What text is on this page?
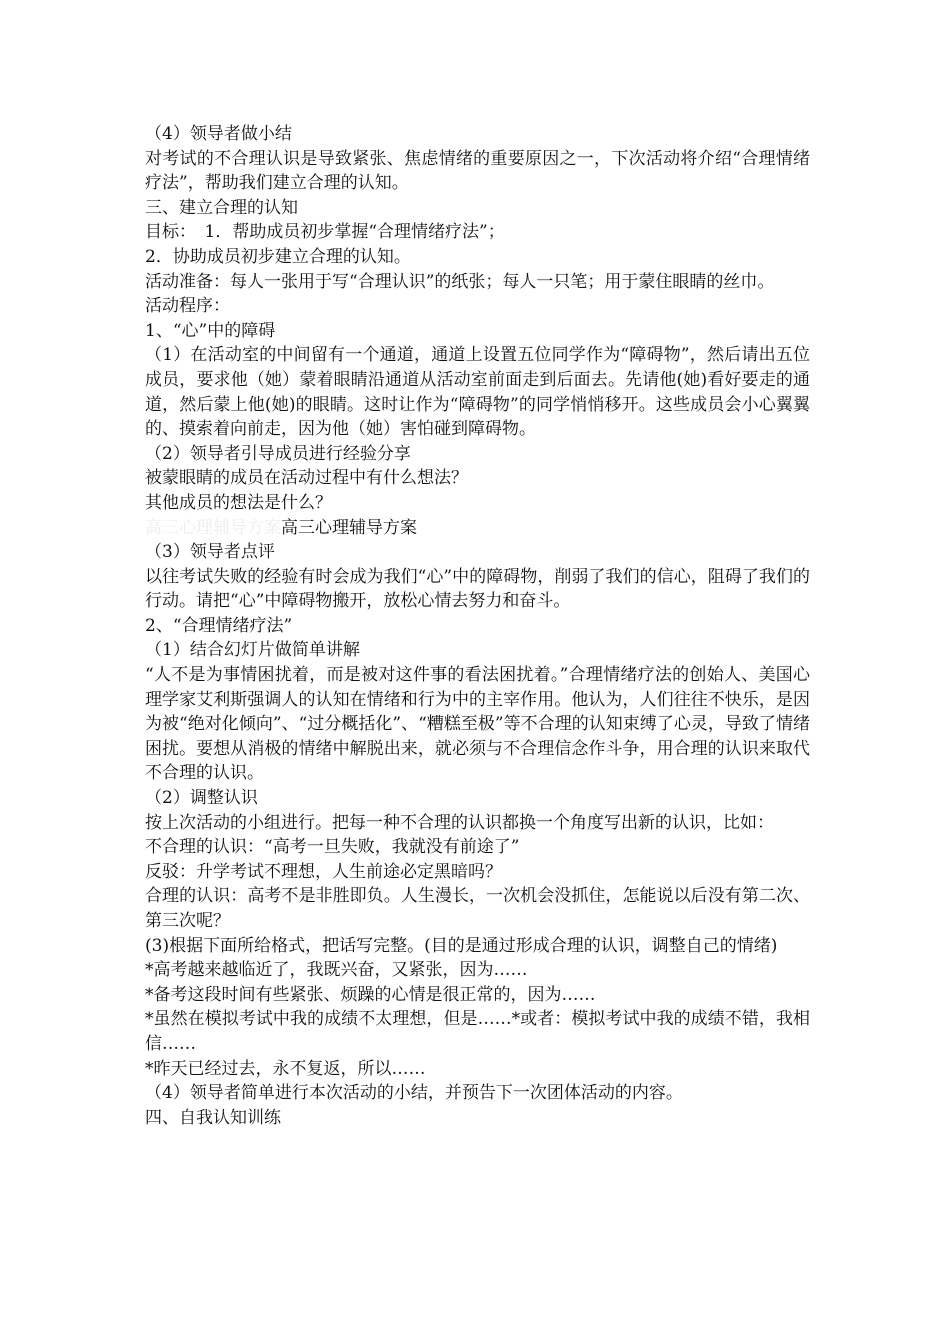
（4）领导者做小结

对考试的不合理认识是导致紧张、焦虑情绪的重要原因之一，下次活动将介绍“合理情绪疗法”，帮助我们建立合理的认知。

三、建立合理的认知

目标：　1．帮助成员初步掌握“合理情绪疗法”；

2．协助成员初步建立合理的认知。

活动准备：每人一张用于写“合理认识”的纸张；每人一只笔；用于蒙住眼睛的丝巾。

活动程序：

1、“心”中的障碍

（1）在活动室的中间留有一个通道，通道上设置五位同学作为“障碍物”，然后请出五位成员，要求他（她）蒙着眼睛沿通道从活动室前面走到后面去。先请他(她)看好要走的通道，然后蒙上他(她)的眼睛。这时让作为“障碍物”的同学悄悄移开。这些成员会小心翼翼的、摸索着向前走，因为他（她）害怕碰到障碍物。

（2）领导者引导成员进行经验分享

被蒙眼睛的成员在活动过程中有什么想法？

其他成员的想法是什么？

高三心理辅导方案高三心理辅导方案

（3）领导者点评

以往考试失败的经验有时会成为我们“心”中的障碍物，削弱了我们的信心，阻碍了我们的行动。请把“心”中障碍物搬开，放松心情去努力和奋斗。

2、“合理情绪疗法”

（1）结合幻灯片做简单讲解

“人不是为事情困扰着，而是被对这件事的看法困扰着。”合理情绪疗法的创始人、美国心理学家艾利斯强调人的认知在情绪和行为中的主宰作用。他认为，人们往往不快乐，是因为被“绝对化倾向”、“过分概括化”、“糟糕至极”等不合理的认知束缚了心灵，导致了情绪困扰。要想从消极的情绪中解脱出来，就必须与不合理信念作斗争，用合理的认识来取代不合理的认识。

（2）调整认识

按上次活动的小组进行。把每一种不合理的认识都换一个角度写出新的认识，比如：

不合理的认识：“高考一旦失败，我就没有前途了”

反驳：升学考试不理想，人生前途必定黑暗吗？

合理的认识：高考不是非胜即负。人生漫长，一次机会没抓住，怎能说以后没有第二次、第三次呢？

(3)根据下面所给格式，把话写完整。(目的是通过形成合理的认识，调整自己的情绪)

*高考越来越临近了，我既兴奋，又紧张，因为……

*备考这段时间有些紧张、烦躁的心情是很正常的，因为……

*虽然在模拟考试中我的成绩不太理想，但是……*或者：模拟考试中我的成绩不错，我相信……

*昨天已经过去，永不复返，所以……

（4）领导者简单进行本次活动的小结，并预告下一次团体活动的内容。

四、自我认知训练
